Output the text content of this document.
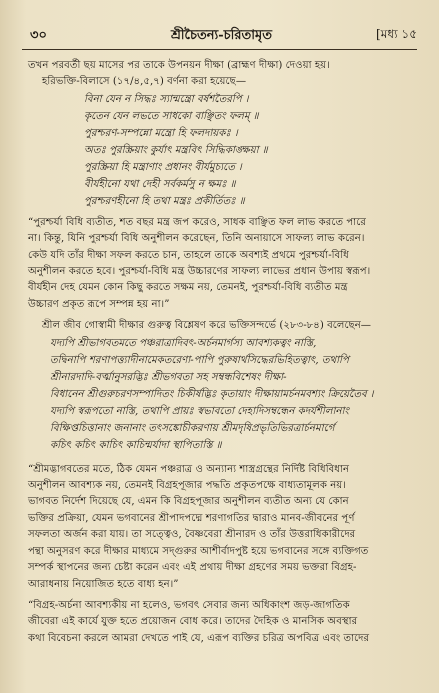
৩০	শ্রীচৈতন্য-চরিতামৃত	[মধ্য ১৫

তখন পরবর্তী ছয় মাসের পর তাকে উপনয়ন দীক্ষা (ব্রাহ্মণ দীক্ষা) দেওয়া হয়।

হরিভক্তি-বিলাসে (১৭/৪,৫,৭) বর্ণনা করা হয়েছে—

বিনা যেন ন সিদ্ধঃ স্যান্মন্ত্রো বর্ষশতৈরপি ।
কৃতেন যেন লভতে সাধকো বাঞ্ছিতং ফলম্ ॥
পুরশ্চরণ-সম্পন্নো মন্ত্রো হি ফলদায়কঃ ।
অতঃ পুরস্ক্রিয়াং কুর্যাৎ মন্ত্রবিৎ সিদ্ধিকাঙ্ক্ষয়া ॥
পুরস্ক্রিয়া হি মন্ত্রাণাং প্রধানং বীর্যমুচ্যতে ।
বীর্যহীনো যথা দেহী সর্বকর্মসু ন ক্ষমঃ ॥
পুরশ্চরণহীনো হি তথা মন্ত্রঃ প্রকীর্তিতঃ ॥
“পুরশ্চর্যা বিধি ব্যতীত, শত বছর মন্ত্র জপ করেও, সাধক বাঞ্ছিত ফল লাভ করতে পারে
না। কিন্তু, যিনি পুরশ্চর্যা বিধি অনুশীলন করেছেন, তিনি অনায়াসে সাফল্য লাভ করেন।
কেউ যদি তাঁর দীক্ষা সফল করতে চান, তাহলে তাকে অবশ্যই প্রথমে পুরশ্চর্যা-বিধি
অনুশীলন করতে হবে। পুরশ্চর্যা-বিধি মন্ত্র উচ্চারণের সাফল্য লাভের প্রধান উপায় স্বরূপ।
বীর্যহীন দেহ যেমন কোন কিছু করতে সক্ষম নয়, তেমনই, পুরশ্চর্যা-বিধি ব্যতীত মন্ত্র
উচ্চারণ প্রকৃত রূপে সম্পন্ন হয় না।”

শ্রীল জীব গোস্বামী দীক্ষার গুরুত্ব বিশ্লেষণ করে ভক্তিসন্দর্ভে (২৮৩-৮৪) বলেছেন—

যদ্যপি শ্রীভাগবতমতে পঞ্চরাত্রাদিবৎ-অর্চনমার্গস্য আবশ্যকত্বং নাস্তি,
তদ্বিনাপি শরণাপত্ত্যাদীনামেকতরেণা-পাপি পুরুষার্থসিদ্ধেরভিহিতত্বাৎ, তথাপি
শ্রীনারদাদি-বর্ত্মানুসরদ্ভিঃ শ্রীভগবতা সহ সম্বন্ধবিশেষং দীক্ষা-
বিধানেন শ্রীগুরুচরণসম্পাদিতং চিকীর্ষদ্ভিঃ কৃতায়াং দীক্ষায়ামর্চনমবশ্যং ক্রিয়েতৈব ।
যদ্যপি স্বরূপতো নাস্তি, তথাপি প্রায়ঃ স্বভাবতো দেহাদিসম্বন্ধেন কদর্যশীলানাং
বিক্ষিপ্তচিত্তানাং জনানাং তৎসঙ্কোচীকরণায় শ্রীমদৃষিপ্রভৃতিভিরত্রার্চনমার্গে
কচিৎ কচিৎ কাচিৎ কাচিন্মর্যাদা স্থাপিতাস্তি ॥
“শ্রীমদ্ভাগবতের মতে, ঠিক যেমন পঞ্চরাত্র ও অন্যান্য শাস্ত্রগ্রন্থের নির্দিষ্ট বিধিবিধান
অনুশীলন আবশ্যক নয়, তেমনই বিগ্রহপূজার পদ্ধতি প্রকৃতপক্ষে বাধ্যতামূলক নয়।
ভাগবত নির্দেশ দিয়েছে যে, এমন কি বিগ্রহপূজার অনুশীলন ব্যতীত অন্য যে কোন
ভক্তির প্রক্রিয়া, যেমন ভগবানের শ্রীপাদপদ্মে শরণাগতির দ্বারাও মানব-জীবনের পূর্ণ
সফলতা অর্জন করা যায়। তা সত্ত্বেও, বৈষ্ণবেরা শ্রীনারদ ও তাঁর উত্তরাধিকারীদের
পন্থা অনুসরণ করে দীক্ষার মাধ্যমে সদ্গুরুর আশীর্বাদপুষ্ট হয়ে ভগবানের সঙ্গে ব্যক্তিগত
সম্পর্ক স্থাপনের জন্য চেষ্টা করেন এবং এই প্রথায় দীক্ষা গ্রহণের সময় ভক্তরা বিগ্রহ-
আরাধনায় নিয়োজিত হতে বাধ্য হন।”
“বিগ্রহ-অর্চনা আবশ্যকীয় না হলেও, ভগবৎ সেবার জন্য অধিকাংশ জড়-জাগতিক
জীবেরা এই কার্যে যুক্ত হতে প্রয়োজন বোধ করে। তাদের দৈহিক ও মানসিক অবস্থার
কথা বিবেচনা করলে আমরা দেখতে পাই যে, এরূপ ব্যক্তির চরিত্র অপবিত্র এবং তাদের
